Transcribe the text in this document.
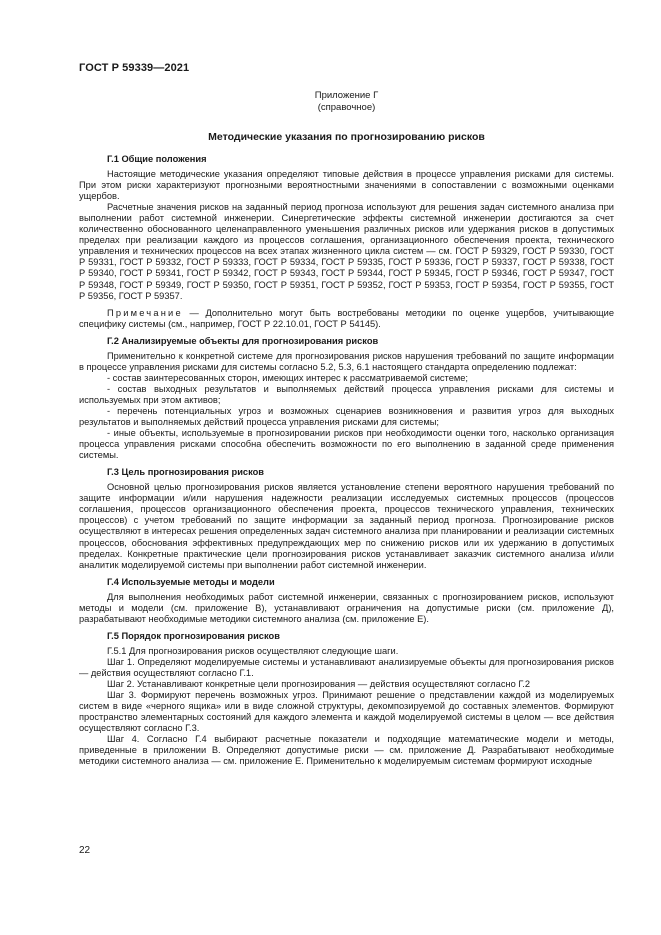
ГОСТ Р 59339—2021
Приложение Г
(справочное)
Методические указания по прогнозированию рисков
Г.1 Общие положения

Настоящие методические указания определяют типовые действия в процессе управления рисками для системы. При этом риски характеризуют прогнозными вероятностными значениями в сопоставлении с возможными оценками ущербов.

Расчетные значения рисков на заданный период прогноза используют для решения задач системного анализа при выполнении работ системной инженерии. Синергетические эффекты системной инженерии достигаются за счет количественно обоснованного целенаправленного уменьшения различных рисков или удержания рисков в допустимых пределах при реализации каждого из процессов соглашения, организационного обеспечения проекта, технического управления и технических процессов на всех этапах жизненного цикла систем — см. ГОСТ Р 59329, ГОСТ Р 59330, ГОСТ Р 59331, ГОСТ Р 59332, ГОСТ Р 59333, ГОСТ Р 59334, ГОСТ Р 59335, ГОСТ Р 59336, ГОСТ Р 59337, ГОСТ Р 59338, ГОСТ Р 59340, ГОСТ Р 59341, ГОСТ Р 59342, ГОСТ Р 59343, ГОСТ Р 59344, ГОСТ Р 59345, ГОСТ Р 59346, ГОСТ Р 59347, ГОСТ Р 59348, ГОСТ Р 59349, ГОСТ Р 59350, ГОСТ Р 59351, ГОСТ Р 59352, ГОСТ Р 59353, ГОСТ Р 59354, ГОСТ Р 59355, ГОСТ Р 59356, ГОСТ Р 59357.

Примечание — Дополнительно могут быть востребованы методики по оценке ущербов, учитывающие специфику системы (см., например, ГОСТ Р 22.10.01, ГОСТ Р 54145).

Г.2 Анализируемые объекты для прогнозирования рисков

Применительно к конкретной системе для прогнозирования рисков нарушения требований по защите информации в процессе управления рисками для системы согласно 5.2, 5.3, 6.1 настоящего стандарта определению подлежат:

- состав заинтересованных сторон, имеющих интерес к рассматриваемой системе;

- состав выходных результатов и выполняемых действий процесса управления рисками для системы и используемых при этом активов;

- перечень потенциальных угроз и возможных сценариев возникновения и развития угроз для выходных результатов и выполняемых действий процесса управления рисками для системы;

- иные объекты, используемые в прогнозировании рисков при необходимости оценки того, насколько организация процесса управления рисками способна обеспечить возможности по его выполнению в заданной среде применения системы.

Г.3 Цель прогнозирования рисков

Основной целью прогнозирования рисков является установление степени вероятного нарушения требований по защите информации и/или нарушения надежности реализации исследуемых системных процессов (процессов соглашения, процессов организационного обеспечения проекта, процессов технического управления, технических процессов) с учетом требований по защите информации за заданный период прогноза. Прогнозирование рисков осуществляют в интересах решения определенных задач системного анализа при планировании и реализации системных процессов, обоснования эффективных предупреждающих мер по снижению рисков или их удержанию в допустимых пределах. Конкретные практические цели прогнозирования рисков устанавливает заказчик системного анализа и/или аналитик моделируемой системы при выполнении работ системной инженерии.

Г.4 Используемые методы и модели

Для выполнения необходимых работ системной инженерии, связанных с прогнозированием рисков, используют методы и модели (см. приложение В), устанавливают ограничения на допустимые риски (см. приложение Д), разрабатывают необходимые методики системного анализа (см. приложение Е).

Г.5 Порядок прогнозирования рисков

Г.5.1 Для прогнозирования рисков осуществляют следующие шаги.

Шаг 1. Определяют моделируемые системы и устанавливают анализируемые объекты для прогнозирования рисков — действия осуществляют согласно Г.1.

Шаг 2. Устанавливают конкретные цели прогнозирования — действия осуществляют согласно Г.2

Шаг 3. Формируют перечень возможных угроз. Принимают решение о представлении каждой из моделируемых систем в виде «черного ящика» или в виде сложной структуры, декомпозируемой до составных элементов. Формируют пространство элементарных состояний для каждого элемента и каждой моделируемой системы в целом — все действия осуществляют согласно Г.3.

Шаг 4. Согласно Г.4 выбирают расчетные показатели и подходящие математические модели и методы, приведенные в приложении В. Определяют допустимые риски — см. приложение Д. Разрабатывают необходимые методики системного анализа — см. приложение Е. Применительно к моделируемым системам формируют исходные

22
